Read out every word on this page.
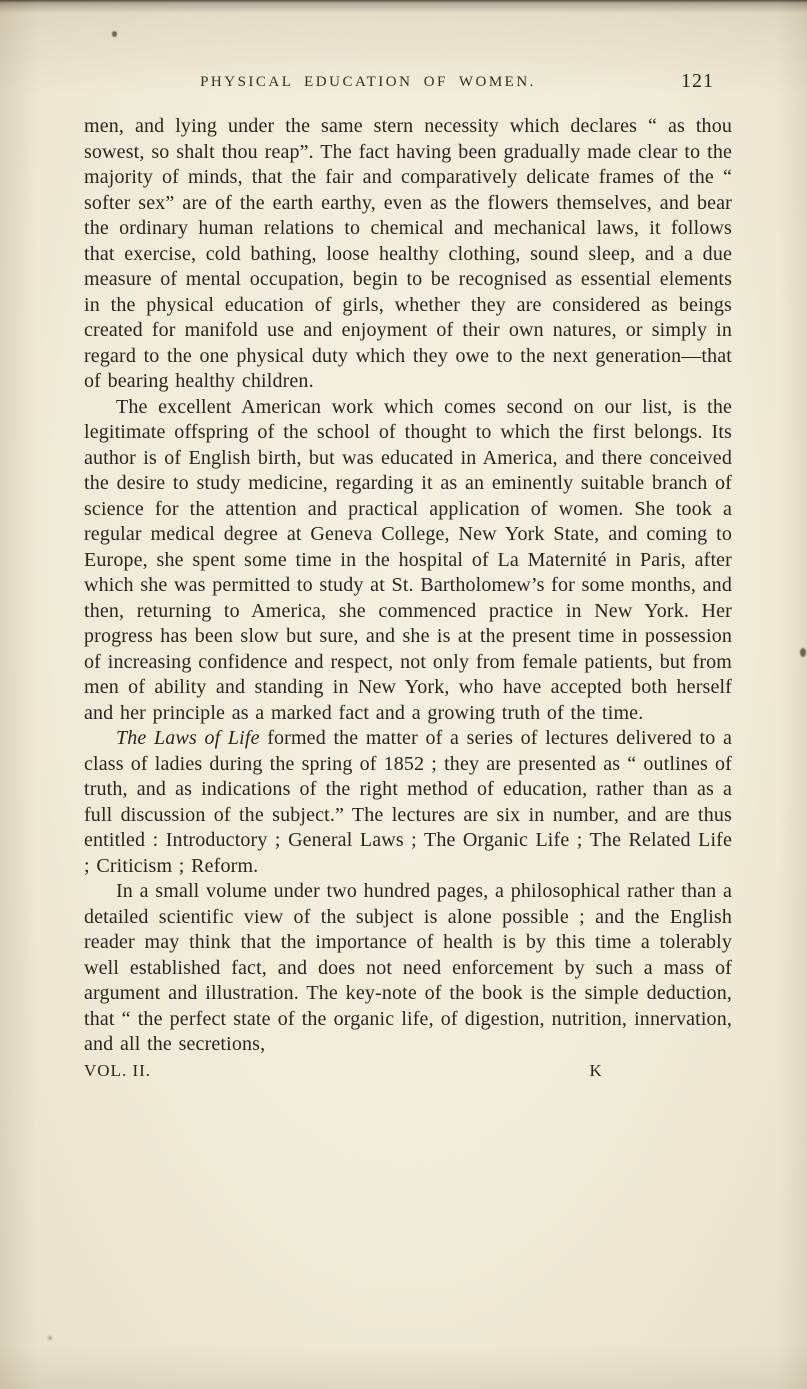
PHYSICAL EDUCATION OF WOMEN.	121

men, and lying under the same stern necessity which declares “ as thou sowest, so shalt thou reap”. The fact having been gradually made clear to the majority of minds, that the fair and comparatively delicate frames of the “ softer sex” are of the earth earthy, even as the flowers themselves, and bear the ordinary human relations to chemical and mechanical laws, it follows that exercise, cold bathing, loose healthy clothing, sound sleep, and a due measure of mental occupation, begin to be recognised as essential elements in the physical education of girls, whether they are considered as beings created for manifold use and enjoyment of their own natures, or simply in regard to the one physical duty which they owe to the next generation—that of bearing healthy children.

The excellent American work which comes second on our list, is the legitimate offspring of the school of thought to which the first belongs. Its author is of English birth, but was educated in America, and there conceived the desire to study medicine, regarding it as an eminently suitable branch of science for the attention and practical application of women. She took a regular medical degree at Geneva College, New York State, and coming to Europe, she spent some time in the hospital of La Maternité in Paris, after which she was permitted to study at St. Bartholomew’s for some months, and then, returning to America, she commenced practice in New York. Her progress has been slow but sure, and she is at the present time in possession of increasing confidence and respect, not only from female patients, but from men of ability and standing in New York, who have accepted both herself and her principle as a marked fact and a growing truth of the time.

The Laws of Life formed the matter of a series of lectures delivered to a class of ladies during the spring of 1852 ; they are presented as “ outlines of truth, and as indications of the right method of education, rather than as a full discussion of the subject.” The lectures are six in number, and are thus entitled : Introductory ; General Laws ; The Organic Life ; The Related Life ; Criticism ; Reform.

In a small volume under two hundred pages, a philosophical rather than a detailed scientific view of the subject is alone possible ; and the English reader may think that the importance of health is by this time a tolerably well established fact, and does not need enforcement by such a mass of argument and illustration. The key-note of the book is the simple deduction, that “ the perfect state of the organic life, of digestion, nutrition, innervation, and all the secretions,

VOL. II.	K
